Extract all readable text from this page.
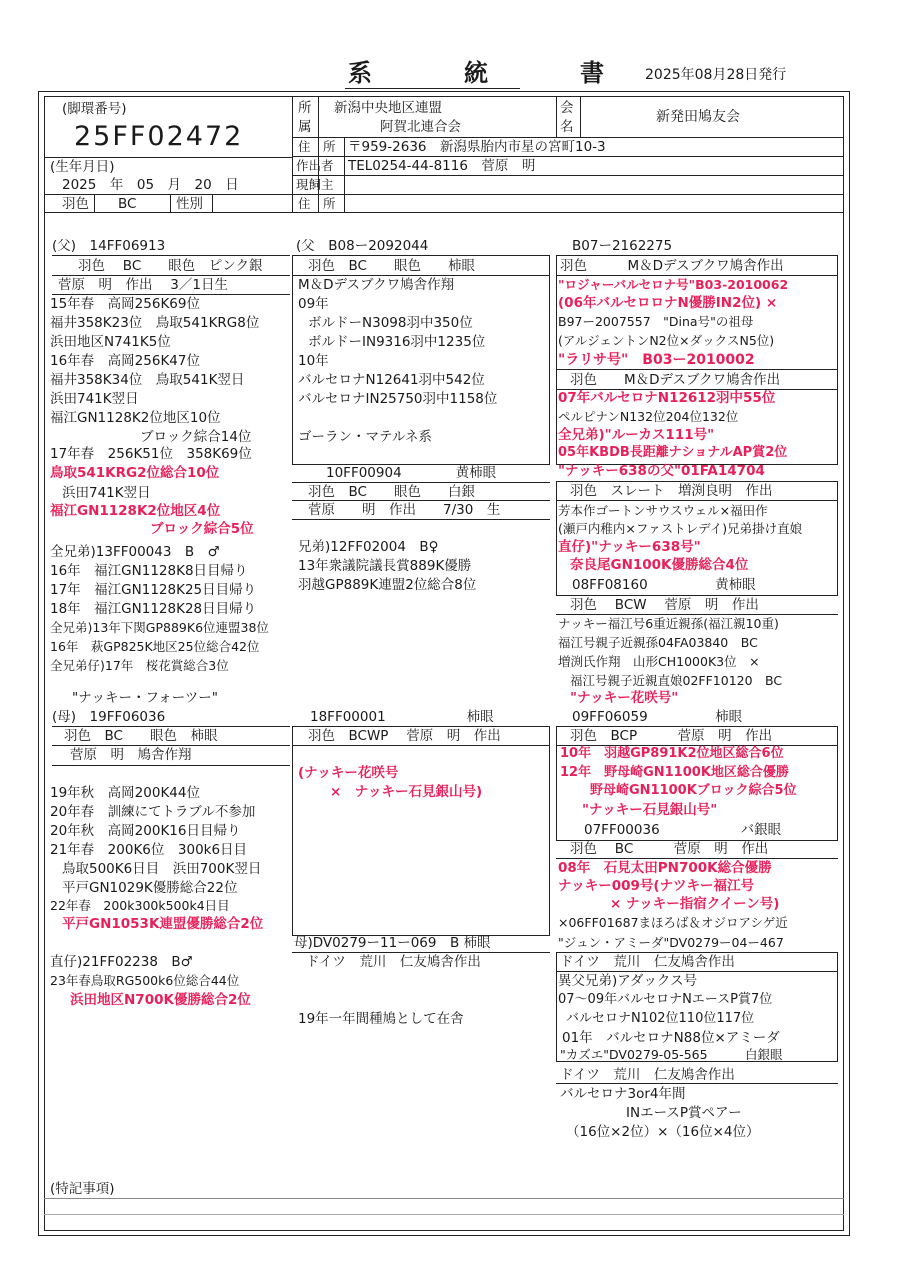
系　統　書 2025年08月28日発行
(脚環番号)
25FF02472
(生年月日)
2025　年　05　月　20　日
羽色 BC	性別
所
属
新潟中央地区連盟
阿賀北連合会
会
名
新発田鳩友会
住　所 〒959-2636　新潟県胎内市星の宮町10-3
作出者 TEL0254-44-8116　菅原　明
現飼主
住　所
(父)　14FF06913
羽色　 BC　　眼色　ピンク銀
菅原　明　作出　 3／1日生
15年春　高岡256K69位
福井358K23位　鳥取541KRG8位
浜田地区N741K5位
16年春　高岡256K47位
福井358K34位　鳥取541K翌日
浜田741K翌日
福江GN1128K2位地区10位
ブロック綜合14位
17年春　256K51位　358K69位
鳥取541KRG2位総合10位
浜田741K翌日
福江GN1128K2位地区4位
ブロック綜合5位
全兄弟)13FF00043　B　♂
16年　福江GN1128K8日目帰り
17年　福江GN1128K25日目帰り
18年　福江GN1128K28日目帰り
全兄弟)13年下関GP889K6位連盟38位
16年　萩GP825K地区25位総合42位
全兄弟仔)17年　桜花賞総合3位
"ナッキー・フォーツー"
(母)　19FF06036
羽色　BC　　眼色　柿眼
菅原　明　鳩舎作翔
19年秋　高岡200K44位
20年春　訓練にてトラブル不参加
20年秋　高岡200K16日目帰り
21年春　200K6位　300k6日目
鳥取500K6日目　浜田700K翌日
平戸GN1029K優勝総合22位
22年春　200k300k500k4日目
平戸GN1053K連盟優勝総合2位
直仔)21FF02238　B♂
23年春鳥取RG500k6位総合44位
浜田地区N700K優勝総合2位
(父　B08ー2092044
羽色　BC　　眼色　　柿眼
M＆Dデスブクワ鳩舎作翔
09年
ボルドーN3098羽中350位
ボルドーIN9316羽中1235位
10年
バルセロナN12641羽中542位
バルセロナIN25750羽中1158位
ゴーラン・マテルネ系
10FF00904　　　　黄柿眼
羽色　BC　　眼色　　白銀
菅原　　明　作出　　7/30　生
兄弟)12FF02004　B♀
13年衆議院議長賞889K優勝
羽越GP889K連盟2位総合8位
18FF00001　　　　　　柿眼
羽色　BCWP　 菅原　明　作出
(ナッキー花咲号
×　ナッキー石見銀山号)
母)DV0279ー11ー069　B 柿眼
ドイツ　荒川　仁友鳩舎作出
19年一年間種鳩として在舎
B07ー2162275
羽色　　　M＆Dデスブクワ鳩舎作出
"ロジャーバルセロナ号"B03-2010062
(06年バルセロロナN優勝IN2位) ×
B97ー2007557　"Dina号"の祖母
(アルジェントンN2位×ダックスN5位)
"ラリサ号"　B03ー2010002
羽色　　M＆Dデスブクワ鳩舎作出
07年バルセロナN12612羽中55位
ペルピナンN132位204位132位
全兄弟)"ルーカス111号"
05年KBDB長距離ナショナルAP賞2位
"ナッキー638の父"01FA14704
羽色　スレート　増渕良明　作出
芳本作ゴートンサウスウェル×福田作
(瀬戸内稚内×ファストレデイ)兄弟掛け直娘
直仔)"ナッキー638号"
奈良尾GN100K優勝総合4位
08FF08160　　　　　黄柿眼
羽色　 BCW　 菅原　明　作出
ナッキー福江号6重近親孫(福江親10重)
福江号親子近親孫04FA03840　BC
増渕氏作翔　山形CH1000K3位　×
福江号親子近親直娘02FF10120　BC
"ナッキー花咲号"
09FF06059　　　　　柿眼
羽色　BCP　　　菅原　明　作出
10年　羽越GP891K2位地区総合6位
12年　野母崎GN1100K地区総合優勝
野母崎GN1100Kブロック綜合5位
"ナッキー石見銀山号"
07FF00036　　　　　　バ銀眼
羽色　 BC　　　菅原　明　作出
08年　石見太田PN700K総合優勝
ナッキー009号(ナツキー福江号
× ナッキー指宿クイーン号)
×06FF01687まほろば＆オジロアシゲ近
"ジュン・アミーダ"DV0279ー04ー467
ドイツ　荒川　仁友鳩舎作出
異父兄弟)アダックス号
07～09年バルセロナNエースP賞7位
バルセロナN102位110位117位
01年　バルセロナN88位×アミーダ
"カズエ"DV0279-05-565　　　白銀眼
ドイツ　荒川　仁友鳩舎作出
バルセロナ3or4年間
INエースP賞ペアー
（16位×2位）×（16位×4位）
(特記事項)
